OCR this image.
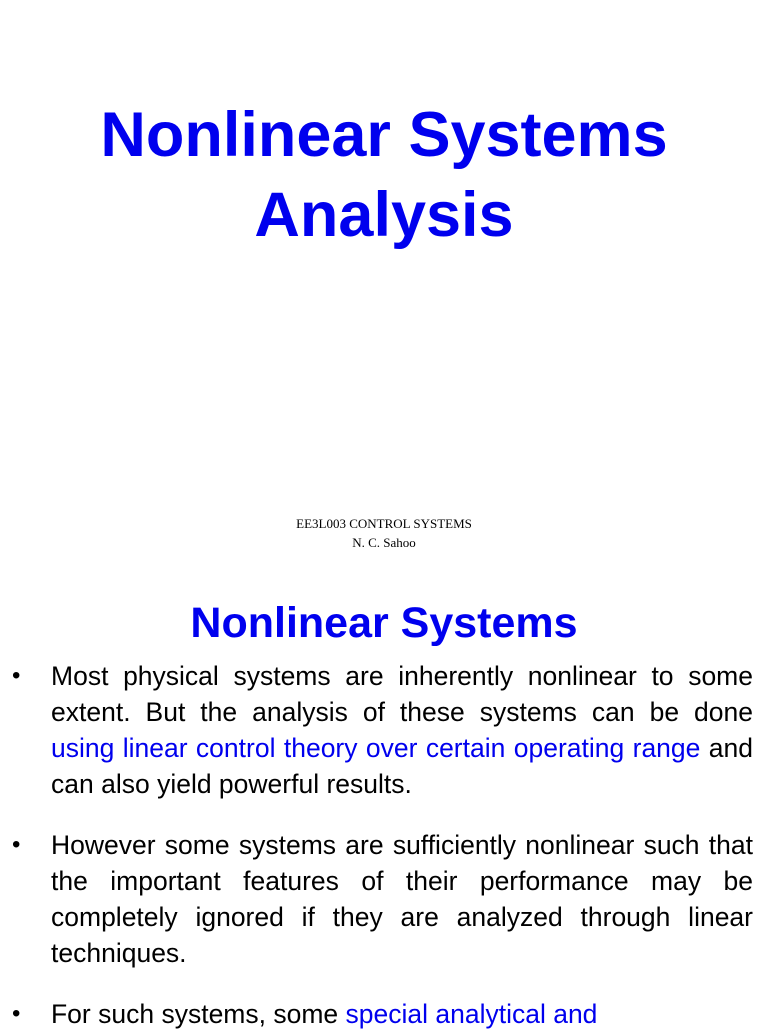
Nonlinear Systems
Analysis
EE3L003 CONTROL SYSTEMS
N. C. Sahoo
Nonlinear Systems
• Most physical systems are inherently nonlinear to some extent. But the analysis of these systems can be done using linear control theory over certain operating range and can also yield powerful results.
• However some systems are sufficiently nonlinear such that the important features of their performance may be completely ignored if they are analyzed through linear techniques.
• For such systems, some special analytical and
